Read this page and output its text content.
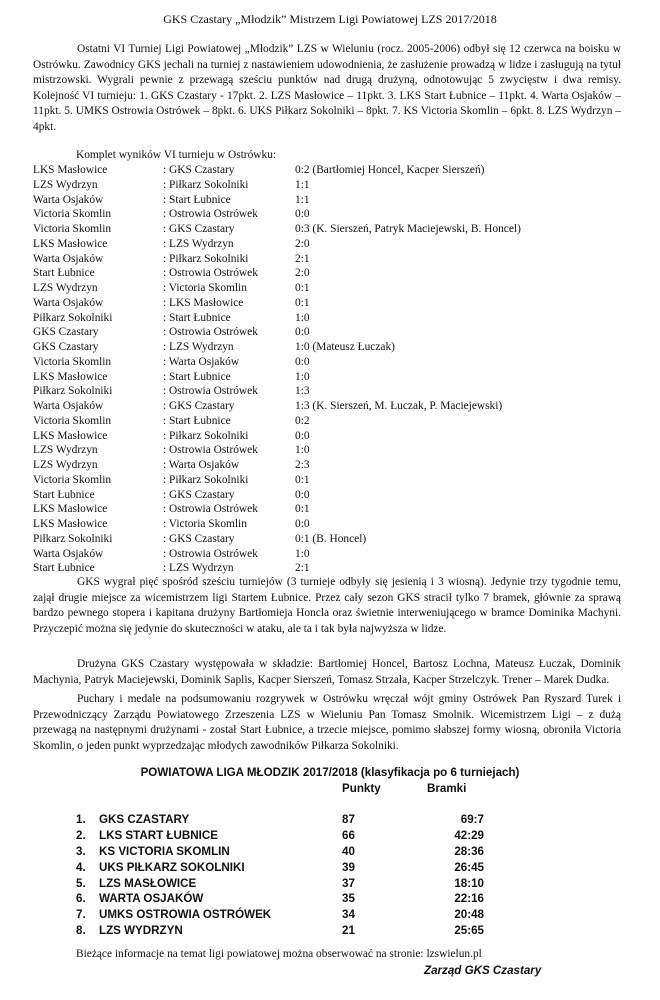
GKS Czastary „Młodzik” Mistrzem Ligi Powiatowej LZS 2017/2018

Ostatni VI Turniej Ligi Powiatowej „Młodzik” LZS w Wieluniu (rocz. 2005-2006) odbył się 12 czerwca na boisku w Ostrówku. Zawodnicy GKS jechali na turniej z nastawieniem udowodnienia, że zasłużenie prowadzą w lidze i zasługują na tytuł mistrzowski. Wygrali pewnie z przewagą sześciu punktów nad drugą drużyną, odnotowując 5 zwycięstw i dwa remisy. Kolejność VI turnieju: 1. GKS Czastary - 17pkt. 2. LZS Masłowice – 11pkt. 3. LKS Start Łubnice – 11pkt. 4. Warta Osjaków – 11pkt. 5. UMKS Ostrowia Ostrówek – 8pkt. 6. UKS Piłkarz Sokolniki – 8pkt. 7. KS Victoria Skomlin – 6pkt. 8. LZS Wydrzyn – 4pkt.

Komplet wyników VI turnieju w Ostrówku:
LKS Masłowice	: GKS Czastary	0:2 (Bartłomiej Honcel, Kacper Sierszeń)
LZS Wydrzyn	: Piłkarz Sokolniki	1:1
Warta Osjaków	: Start Łubnice	1:1
Victoria Skomlin	: Ostrowia Ostrówek	0:0
Victoria Skomlin	: GKS Czastary	0:3 (K. Sierszeń, Patryk Maciejewski, B. Honcel)
LKS Masłowice	: LZS Wydrzyn	2:0
Warta Osjaków	: Piłkarz Sokolniki	2:1
Start Łubnice	: Ostrowia Ostrówek	2:0
LZS Wydrzyn	: Victoria Skomlin	0:1
Warta Osjaków	: LKS Masłowice	0:1
Piłkarz Sokolniki	: Start Łubnice	1:0
GKS Czastary	: Ostrowia Ostrówek	0:0
GKS Czastary	: LZS Wydrzyn	1:0 (Mateusz Łuczak)
Victoria Skomlin	: Warta Osjaków	0:0
LKS Masłowice	: Start Łubnice	1:0
Piłkarz Sokolniki	: Ostrowia Ostrówek	1:3
Warta Osjaków	: GKS Czastary	1:3 (K. Sierszeń, M. Łuczak, P. Maciejewski)
Victoria Skomlin	: Start Łubnice	0:2
LKS Masłowice	: Piłkarz Sokolniki	0:0
LZS Wydrzyn	: Ostrowia Ostrówek	1:0
LZS Wydrzyn	: Warta Osjaków	2:3
Victoria Skomlin	: Piłkarz Sokolniki	0:1
Start Łubnice	: GKS Czastary	0:0
LKS Masłowice	: Ostrowia Ostrówek	0:1
LKS Masłowice	: Victoria Skomlin	0:0
Piłkarz Sokolniki	: GKS Czastary	0:1 (B. Honcel)
Warta Osjaków	: Ostrowia Ostrówek	1:0
Start Łubnice	: LZS Wydrzyn	2:1

GKS wygrał pięć spośród sześciu turniejów (3 turnieje odbyły się jesienią i 3 wiosną). Jedynie trzy tygodnie temu, zajął drugie miejsce za wicemistrzem ligi Startem Łubnice. Przez cały sezon GKS stracił tylko 7 bramek, głównie za sprawą bardzo pewnego stopera i kapitana drużyny Bartłomieja Honcla oraz świetnie interweniującego w bramce Dominika Machyni. Przyczepić można się jedynie do skuteczności w ataku, ale ta i tak była najwyższa w lidze.

Drużyna GKS Czastary występowała w składzie: Bartłomiej Honcel, Bartosz Lochna, Mateusz Łuczak, Dominik Machynia, Patryk Maciejewski, Dominik Saplis, Kacper Sierszeń, Tomasz Strzała, Kacper Strzelczyk. Trener – Marek Dudka.

Puchary i medale na podsumowaniu rozgrywek w Ostrówku wręczał wójt gminy Ostrówek Pan Ryszard Turek i Przewodniczący Zarządu Powiatowego Zrzeszenia LZS w Wieluniu Pan Tomasz Smolnik. Wicemistrzem Ligi – z dużą przewagą na następnymi drużynami - został Start Łubnice, a trzecie miejsce, pomimo słabszej formy wiosną, obroniła Victoria Skomlin, o jeden punkt wyprzedzając młodych zawodników Piłkarza Sokolniki.

POWIATOWA LIGA MŁODZIK 2017/2018 (klasyfikacja po 6 turniejach)
Punkty	Bramki
1. GKS CZASTARY	87	69:7
2. LKS START ŁUBNICE	66	42:29
3. KS VICTORIA SKOMLIN	40	28:36
4. UKS PIŁKARZ SOKOLNIKI	39	26:45
5. LZS MASŁOWICE	37	18:10
6. WARTA OSJAKÓW	35	22:16
7. UMKS OSTROWIA OSTRÓWEK	34	20:48
8. LZS WYDRZYN	21	25:65
Bieżące informacje na temat ligi powiatowej można obserwować na stronie: lzswielun.pl
Zarząd GKS Czastary
